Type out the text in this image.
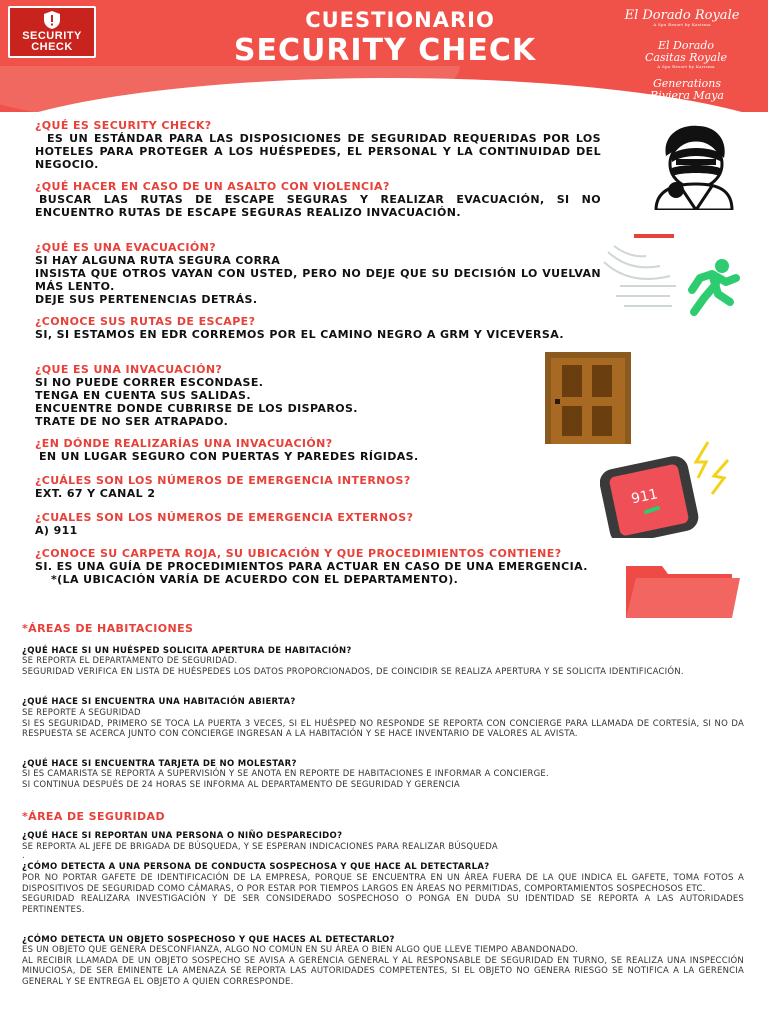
SECURITY
CHECK
CUESTIONARIO
SECURITY CHECK
El Dorado Royale
A Spa Resort by Karisma
El Dorado Casitas Royale
A Spa Resort by Karisma
Generations Riviera Maya
by Karisma
¿QUÉ ES SECURITY CHECK?
ES UN ESTÁNDAR PARA LAS DISPOSICIONES DE SEGURIDAD REQUERIDAS POR LOS HOTELES PARA PROTEGER A LOS HUÉSPEDES, EL PERSONAL Y LA CONTINUIDAD DEL NEGOCIO.
¿QUÉ HACER EN CASO DE UN ASALTO CON VIOLENCIA?
BUSCAR LAS RUTAS DE ESCAPE SEGURAS Y REALIZAR EVACUACIÓN, SI NO ENCUENTRO RUTAS DE ESCAPE SEGURAS REALIZO INVACUACIÓN.
¿QUÉ ES UNA EVACUACIÓN?
SI HAY ALGUNA RUTA SEGURA CORRA
INSISTA QUE OTROS VAYAN CON USTED, PERO NO DEJE QUE SU DECISIÓN LO VUELVAN MÁS LENTO.
DEJE SUS PERTENENCIAS DETRÁS.
¿CONOCE SUS RUTAS DE ESCAPE?
SI, SI ESTAMOS EN EDR CORREMOS POR EL CAMINO NEGRO A GRM Y VICEVERSA.
¿QUE ES UNA INVACUACIÓN?
SI NO PUEDE CORRER ESCONDASE.
TENGA EN CUENTA SUS SALIDAS.
ENCUENTRE DONDE CUBRIRSE DE LOS DISPAROS.
TRATE DE NO SER ATRAPADO.
¿EN DÓNDE REALIZARÍAS UNA INVACUACIÓN?
EN UN LUGAR SEGURO CON PUERTAS Y PAREDES RÍGIDAS.
¿CUÁLES SON LOS NÚMEROS DE EMERGENCIA INTERNOS?
EXT. 67 Y CANAL 2
¿CUALES SON LOS NÚMEROS DE EMERGENCIA EXTERNOS?
A) 911
¿CONOCE SU CARPETA ROJA, SU UBICACIÓN Y QUE PROCEDIMIENTOS CONTIENE?
SI. ES UNA GUÍA DE PROCEDIMIENTOS PARA ACTUAR EN CASO DE UNA EMERGENCIA.
*(LA UBICACIÓN VARÍA DE ACUERDO CON EL DEPARTAMENTO).
911
*ÁREAS DE HABITACIONES
¿QUÉ HACE SI UN HUÉSPED SOLICITA APERTURA DE HABITACIÓN?
SE REPORTA EL DEPARTAMENTO DE SEGURIDAD.
SEGURIDAD VERIFICA EN LISTA DE HUÉSPEDES LOS DATOS PROPORCIONADOS, DE COINCIDIR SE REALIZA APERTURA Y SE SOLICITA IDENTIFICACIÓN.
¿QUÉ HACE SI ENCUENTRA UNA HABITACIÓN ABIERTA?
SE REPORTE A SEGURIDAD
SI ES SEGURIDAD, PRIMERO SE TOCA LA PUERTA 3 VECES, SI EL HUÉSPED NO RESPONDE SE REPORTA CON CONCIERGE PARA LLAMADA DE CORTESÍA, SI NO DA RESPUESTA SE ACERCA JUNTO CON CONCIERGE INGRESAN A LA HABITACIÓN Y SE HACE INVENTARIO DE VALORES AL AVISTA.
¿QUÉ HACE SI ENCUENTRA TARJETA DE NO MOLESTAR?
SI ES CAMARISTA SE REPORTA A SUPERVISIÓN Y SE ANOTA EN REPORTE DE HABITACIONES E INFORMAR A CONCIERGE.
SI CONTINUA DESPUÉS DE 24 HORAS SE INFORMA AL DEPARTAMENTO DE SEGURIDAD Y GERENCIA
*ÁREA DE SEGURIDAD
¿QUÉ HACE SI REPORTAN UNA PERSONA O NIÑO DESPARECIDO?
SE REPORTA AL JEFE DE BRIGADA DE BÚSQUEDA, Y SE ESPERAN INDICACIONES PARA REALIZAR BÚSQUEDA
.
¿CÓMO DETECTA A UNA PERSONA DE CONDUCTA SOSPECHOSA Y QUE HACE AL DETECTARLA?
POR NO PORTAR GAFETE DE IDENTIFICACIÓN DE LA EMPRESA, PORQUE SE ENCUENTRA EN UN ÁREA FUERA DE LA QUE INDICA EL GAFETE, TOMA FOTOS A DISPOSITIVOS DE SEGURIDAD COMO CÁMARAS, O POR ESTAR POR TIEMPOS LARGOS EN ÁREAS NO PERMITIDAS, COMPORTAMIENTOS SOSPECHOSOS ETC.
SEGURIDAD REALIZARA INVESTIGACIÓN Y DE SER CONSIDERADO SOSPECHOSO O PONGA EN DUDA SU IDENTIDAD SE REPORTA A LAS AUTORIDADES PERTINENTES.
¿CÓMO DETECTA UN OBJETO SOSPECHOSO Y QUE HACES AL DETECTARLO?
ES UN OBJETO QUE GENERA DESCONFIANZA, ALGO NO COMÚN EN SU ÁREA O BIEN ALGO QUE LLEVE TIEMPO ABANDONADO.
AL RECIBIR LLAMADA DE UN OBJETO SOSPECHO SE AVISA A GERENCIA GENERAL Y AL RESPONSABLE DE SEGURIDAD EN TURNO, SE REALIZA UNA INSPECCIÓN MINUCIOSA, DE SER EMINENTE LA AMENAZA SE REPORTA LAS AUTORIDADES COMPETENTES, SI EL OBJETO NO GENERA RIESGO SE NOTIFICA A LA GERENCIA GENERAL Y SE ENTREGA EL OBJETO A QUIEN CORRESPONDE.
